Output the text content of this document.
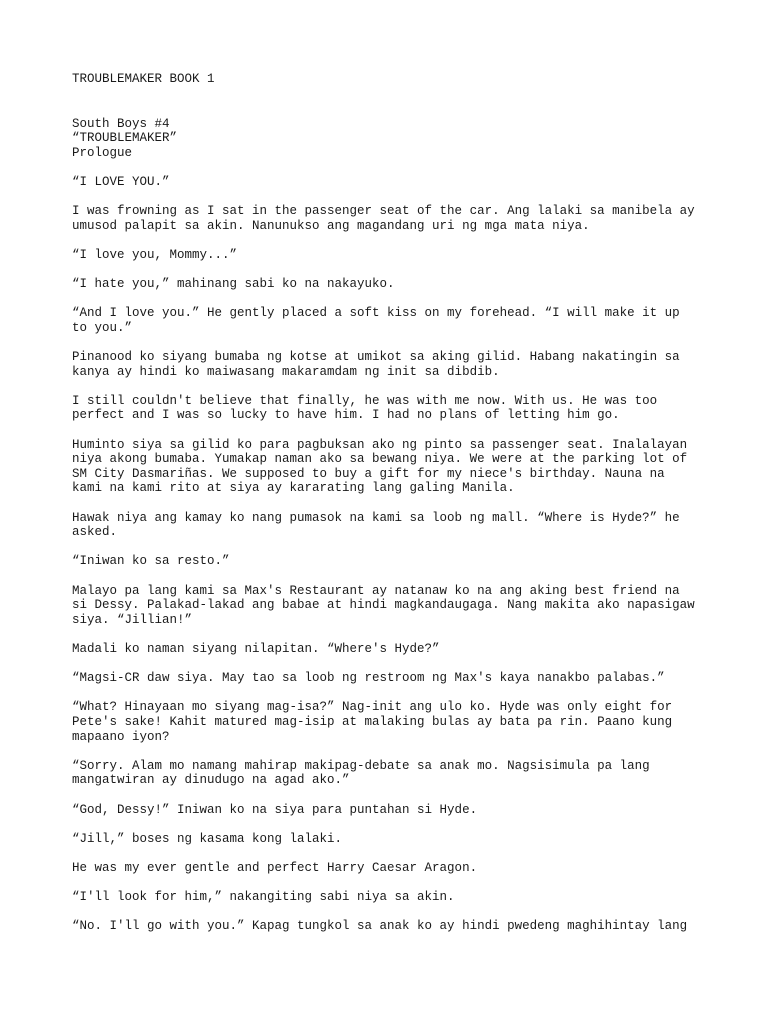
TROUBLEMAKER BOOK 1
South Boys #4
“TROUBLEMAKER”
Prologue

“I LOVE YOU.”

I was frowning as I sat in the passenger seat of the car. Ang lalaki sa manibela ay
umusod palapit sa akin. Nanunukso ang magandang uri ng mga mata niya.

“I love you, Mommy...”

“I hate you,” mahinang sabi ko na nakayuko.

“And I love you.” He gently placed a soft kiss on my forehead. “I will make it up
to you.”

Pinanood ko siyang bumaba ng kotse at umikot sa aking gilid. Habang nakatingin sa
kanya ay hindi ko maiwasang makaramdam ng init sa dibdib.

I still couldn't believe that finally, he was with me now. With us. He was too
perfect and I was so lucky to have him. I had no plans of letting him go.

Huminto siya sa gilid ko para pagbuksan ako ng pinto sa passenger seat. Inalalayan
niya akong bumaba. Yumakap naman ako sa bewang niya. We were at the parking lot of
SM City Dasmariñas. We supposed to buy a gift for my niece's birthday. Nauna na
kami na kami rito at siya ay kararating lang galing Manila.

Hawak niya ang kamay ko nang pumasok na kami sa loob ng mall. “Where is Hyde?” he
asked.

“Iniwan ko sa resto.”

Malayo pa lang kami sa Max's Restaurant ay natanaw ko na ang aking best friend na
si Dessy. Palakad-lakad ang babae at hindi magkandaugaga. Nang makita ako napasigaw
siya. “Jillian!”

Madali ko naman siyang nilapitan. “Where's Hyde?”

“Magsi-CR daw siya. May tao sa loob ng restroom ng Max's kaya nanakbo palabas.”

“What? Hinayaan mo siyang mag-isa?” Nag-init ang ulo ko. Hyde was only eight for
Pete's sake! Kahit matured mag-isip at malaking bulas ay bata pa rin. Paano kung
mapaano iyon?

“Sorry. Alam mo namang mahirap makipag-debate sa anak mo. Nagsisimula pa lang
mangatwiran ay dinudugo na agad ako.”

“God, Dessy!” Iniwan ko na siya para puntahan si Hyde.

“Jill,” boses ng kasama kong lalaki.

He was my ever gentle and perfect Harry Caesar Aragon.

“I'll look for him,” nakangiting sabi niya sa akin.

“No. I'll go with you.” Kapag tungkol sa anak ko ay hindi pwedeng maghihintay lang
